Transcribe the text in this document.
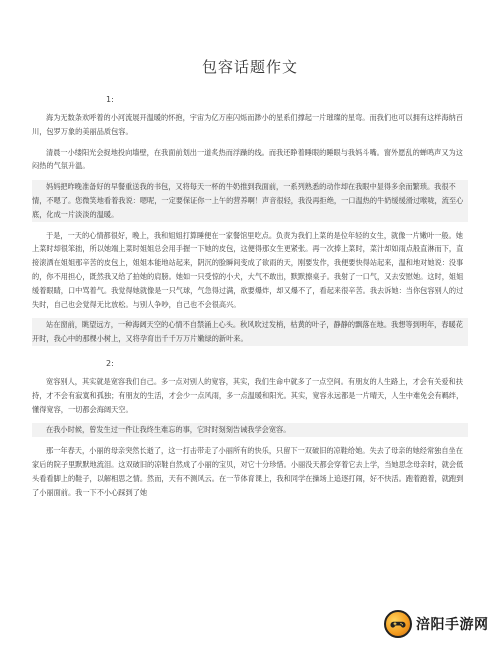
包容话题作文
1:
海为无数条欢呼着的小河流展开温暖的怀抱，宇宙为亿万座闪烁而渺小的星系们撑起一片璀璨的星弯。而我们也可以拥有这样海纳百川，包罗万象的美丽品质包容。
清晨一小缕阳光会捉地投向墙壁，在我面前划出一道炙热而浮躁的线。而我还睁着睡眼的睡眼与我妈斗嘴。窗外愿乱的蝉鸣声又为这闷热的气氛升温。
妈妈把昨晚准备好的早餐重送我的书包，又将每天一杯的牛奶推到我面前，一系列熟悉的动作却在我眼中显得多余而繁琐。我很不情，不嗯了。您微笑地看着我说：嗯呢，一定要保证你一上午的营养啊！声音很轻，我没再拒绝，一口温热的牛奶缓缓滑过喉咙，流至心底，化成一片淡淡的温暖。
于是，一天的心情都很好，晚上，我和姐姐打算睡便在一家餐馆里吃点。负责为我们上菜的是位年轻的女生，就像一片嫩叶一般。她上菜时却很笨拙，所以她端上菜时姐姐总会用手握一下她的皮包，这便得那女生更紧张。再一次捧上菜时，菜汁却如雨点般直淋而下，直接滚洒在姐姐那辛苦的皮包上，姐姐本能地站起来，阴沉的脸瞬间变成了欲雨的天，刚要发作，我便要快得站起来，温和地对她说：没事的，你不用担心，既然我又给了拍她的肩膀。她如一只受惊的小犬，大气不敢出，默默擦桌子。我射了一口气，又去安慰她。这时，姐姐缓着眼睛，口中骂着气。我觉得她就像是一只气球，气急得过满，欲要爆炸，却又爆不了，看起来很辛苦。我去诉她：当你包容别人的过失时，自己也会觉得无比放松。与别人争吵，自己也不会很高兴。
站在窗前，眺望远方，一种海阔天空的心情不自禁涌上心头。秋风吹过发梢，枯黄的叶子，静静的飘落在地。我想等到明年，春暖花开时，我心中的那棵小树上，又将孕育出千千万万片嫩绿的新叶来。
2:
宽容别人，其实就是宽容我们自己。多一点对别人的宽容，其实，我们生命中就多了一点空间。有朋友的人生路上，才会有关爱和扶持，才不会有寂寞和孤独；有朋友的生活，才会少一点风雨，多一点温暖和阳光。其实，宽容永远都是一片晴天，人生中难免会有羁绊，懂得宽容，一切都会海阔天空。
在我小时候，曾发生过一件让我终生难忘的事，它时时刻刻告诫我学会宽容。
那一年春天，小丽的母亲突然长逝了，这一打击带走了小丽所有的快乐，只留下一双破旧的凉鞋给她。失去了母亲的她经常独自坐在家后的院子里默默地流泪。这双破旧的凉鞋自然成了小丽的宝贝，对它十分珍惜。小丽没天都会穿着它去上学，当她思念母亲时，就会低头看看脚上的鞋子，以解相思之情。然而，天有不测风云。在一节体育课上，我和同学在操场上追逐打闹，好不快活。跑着跑着，就跑到了小丽面前。我一下不小心踩到了她
涪阳手游网
